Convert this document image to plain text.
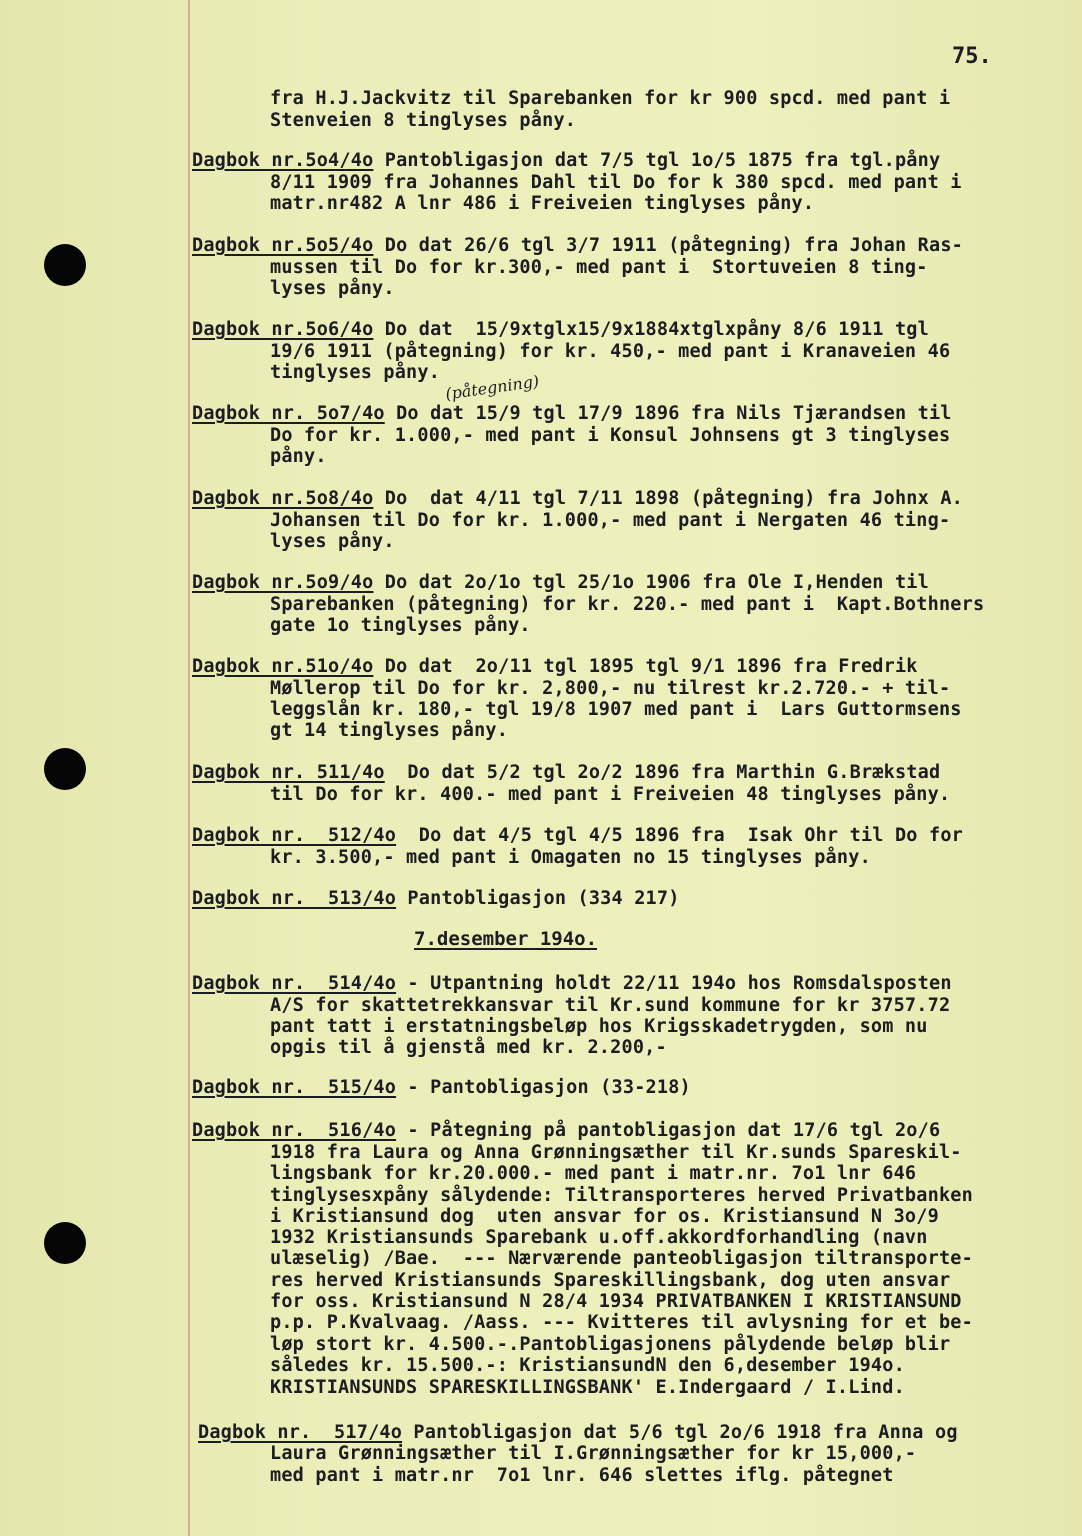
75.
7.desember 194o.
(påtegning)
fra H.J.Jackvitz til Sparebanken for kr 900 spcd. med pant i
Stenveien 8 tinglyses påny.
Dagbok nr.5o4/4o Pantobligasjon dat 7/5 tgl 1o/5 1875 fra tgl.påny
8/11 1909 fra Johannes Dahl til Do for k 380 spcd. med pant i
matr.nr482 A lnr 486 i Freiveien tinglyses påny.
Dagbok nr.5o5/4o Do dat 26/6 tgl 3/7 1911 (påtegning) fra Johan Ras-
mussen til Do for kr.300,- med pant i  Stortuveien 8 ting-
lyses påny.
Dagbok nr.5o6/4o Do dat  15/9xtglx15/9x1884xtglxpåny 8/6 1911 tgl
19/6 1911 (påtegning) for kr. 450,- med pant i Kranaveien 46
tinglyses påny.
Dagbok nr. 5o7/4o Do dat 15/9 tgl 17/9 1896 fra Nils Tjærandsen til
Do for kr. 1.000,- med pant i Konsul Johnsens gt 3 tinglyses
påny.
Dagbok nr.5o8/4o Do  dat 4/11 tgl 7/11 1898 (påtegning) fra Johnx A.
Johansen til Do for kr. 1.000,- med pant i Nergaten 46 ting-
lyses påny.
Dagbok nr.5o9/4o Do dat 2o/1o tgl 25/1o 1906 fra Ole I,Henden til
Sparebanken (påtegning) for kr. 220.- med pant i  Kapt.Bothners
gate 1o tinglyses påny.
Dagbok nr.51o/4o Do dat  2o/11 tgl 1895 tgl 9/1 1896 fra Fredrik
Møllerop til Do for kr. 2,800,- nu tilrest kr.2.720.- + til-
leggslån kr. 180,- tgl 19/8 1907 med pant i  Lars Guttormsens
gt 14 tinglyses påny.
Dagbok nr. 511/4o  Do dat 5/2 tgl 2o/2 1896 fra Marthin G.Brækstad
til Do for kr. 400.- med pant i Freiveien 48 tinglyses påny.
Dagbok nr.  512/4o  Do dat 4/5 tgl 4/5 1896 fra  Isak Ohr til Do for
kr. 3.500,- med pant i Omagaten no 15 tinglyses påny.
Dagbok nr.  513/4o Pantobligasjon (334 217)
Dagbok nr.  514/4o - Utpantning holdt 22/11 194o hos Romsdalsposten
A/S for skattetrekkansvar til Kr.sund kommune for kr 3757.72
pant tatt i erstatningsbeløp hos Krigsskadetrygden, som nu
opgis til å gjenstå med kr. 2.200,-
Dagbok nr.  515/4o - Pantobligasjon (33-218)
Dagbok nr.  516/4o - Påtegning på pantobligasjon dat 17/6 tgl 2o/6
1918 fra Laura og Anna Grønningsæther til Kr.sunds Spareskil-
lingsbank for kr.20.000.- med pant i matr.nr. 7o1 lnr 646
tinglysesxpåny sålydende: Tiltransporteres herved Privatbanken
i Kristiansund dog  uten ansvar for os. Kristiansund N 3o/9
1932 Kristiansunds Sparebank u.off.akkordforhandling (navn
ulæselig) /Bae.  --- Nærværende panteobligasjon tiltransporte-
res herved Kristiansunds Spareskillingsbank, dog uten ansvar
for oss. Kristiansund N 28/4 1934 PRIVATBANKEN I KRISTIANSUND
p.p. P.Kvalvaag. /Aass. --- Kvitteres til avlysning for et be-
løp stort kr. 4.500.-.Pantobligasjonens pålydende beløp blir
således kr. 15.500.-: KristiansundN den 6,desember 194o.
KRISTIANSUNDS SPARESKILLINGSBANK' E.Indergaard / I.Lind.
Dagbok nr.  517/4o Pantobligasjon dat 5/6 tgl 2o/6 1918 fra Anna og
Laura Grønningsæther til I.Grønningsæther for kr 15,000,-
med pant i matr.nr  7o1 lnr. 646 slettes iflg. påtegnet
